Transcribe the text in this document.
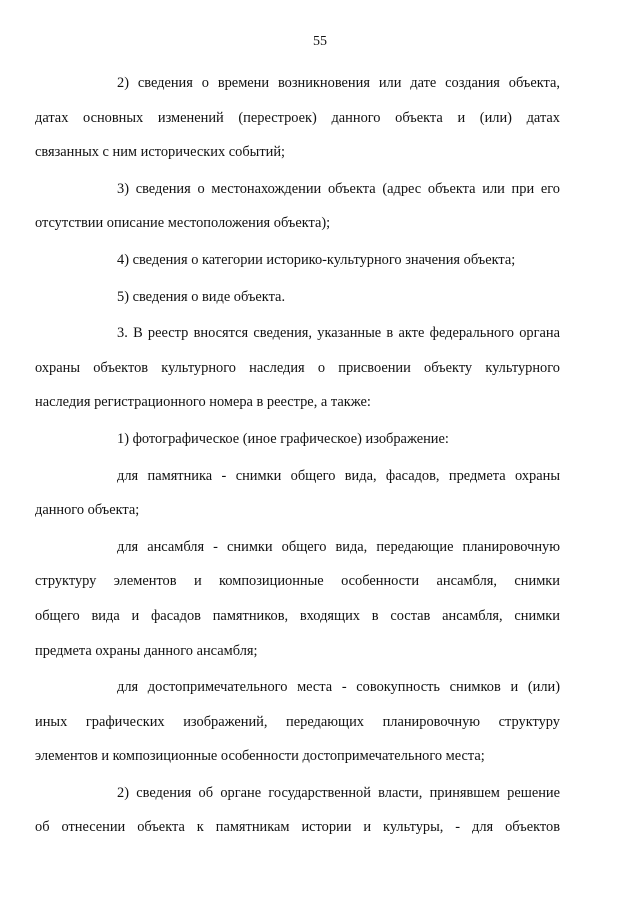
55

2) сведения о времени возникновения или дате создания объекта,
датах основных изменений (перестроек) данного объекта и (или) датах
связанных с ним исторических событий;

3) сведения о местонахождении объекта (адрес объекта или при его
отсутствии описание местоположения объекта);

4) сведения о категории историко-культурного значения объекта;

5) сведения о виде объекта.

3. В реестр вносятся сведения, указанные в акте федерального органа
охраны объектов культурного наследия о присвоении объекту культурного
наследия регистрационного номера в реестре, а также:

1) фотографическое (иное графическое) изображение:

для памятника - снимки общего вида, фасадов, предмета охраны
данного объекта;

для ансамбля - снимки общего вида, передающие планировочную
структуру элементов и композиционные особенности ансамбля, снимки
общего вида и фасадов памятников, входящих в состав ансамбля, снимки
предмета охраны данного ансамбля;

для достопримечательного места - совокупность снимков и (или)
иных графических изображений, передающих планировочную структуру
элементов и композиционные особенности достопримечательного места;

2) сведения об органе государственной власти, принявшем решение
об отнесении объекта к памятникам истории и культуры, - для объектов
